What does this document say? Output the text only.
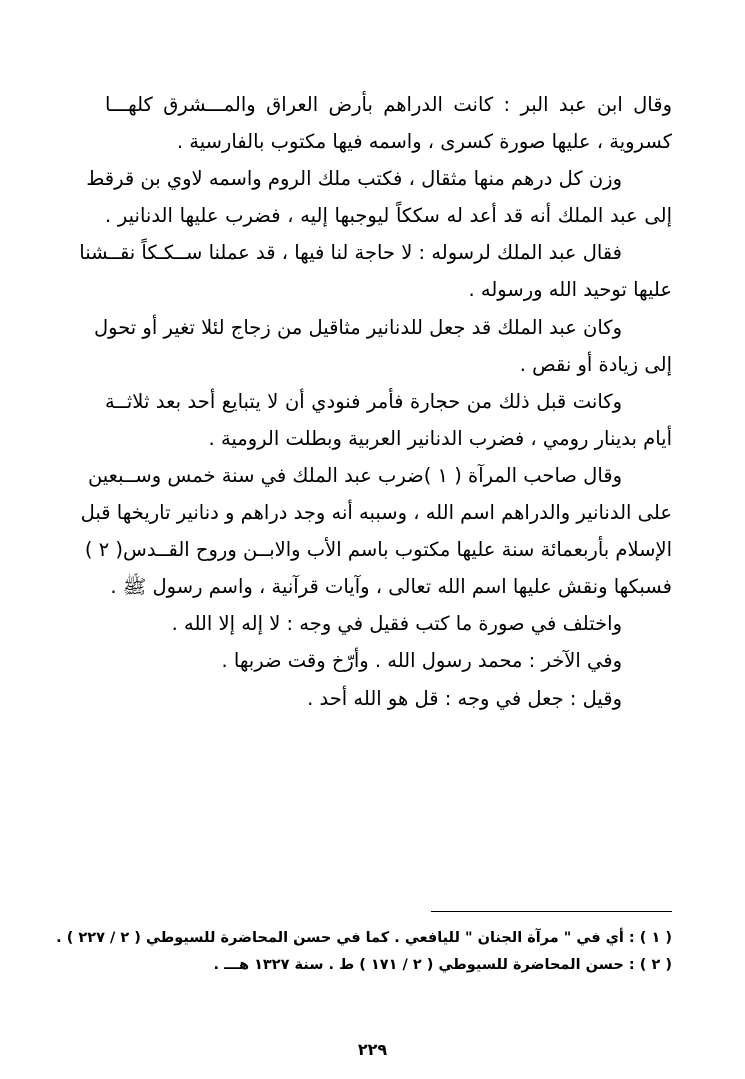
وقال ابن عبد البر : كانت الدراهم بأرض العراق والمـــشرق كلهـــا
كسروية ، عليها صورة كسرى ، واسمه فيها مكتوب بالفارسية .
وزن كل درهم منها مثقال ، فكتب ملك الروم واسمه لاوي بن قرقط
إلى عبد الملك أنه قد أعد له سككاً ليوجبها إليه ، فضرب عليها الدنانير .
فقال عبد الملك لرسوله : لا حاجة لنا فيها ، قد عملنا ســكـكاً نقــشنا
عليها توحيد الله ورسوله .
وكان عبد الملك قد جعل للدنانير مثاقيل من زجاج لئلا تغير أو تحول
إلى زيادة أو نقص .
وكانت قبل ذلك من حجارة فأمر فنودي أن لا يتبايع أحد بعد ثلاثــة
أيام بدينار رومي ، فضرب الدنانير العربية وبطلت الرومية .
وقال صاحب المرآة ( ١ )ضرب عبد الملك في سنة خمس وســبعين
على الدنانير والدراهم اسم الله ، وسببه أنه وجد دراهم و دنانير تاريخها قبل
الإسلام بأربعمائة سنة عليها مكتوب باسم الأب والابــن وروح القــدس( ٢ )
فسبكها ونقش عليها اسم الله تعالى ، وآيات قرآنية ، واسم رسول ﷺ .
واختلف في صورة ما كتب فقيل في وجه : لا إله إلا الله .
وفي الآخر : محمد رسول الله . وأرّخ وقت ضربها .
وقيل : جعل في وجه : قل هو الله أحد .
( ١ ) : أي في " مرآة الجنان " لليافعي . كما في حسن المحاضرة للسيوطي ( ٢ / ٢٢٧ ) .
( ٢ ) : حسن المحاضرة للسيوطي ( ٢ / ١٧١ ) ط . سنة ١٣٢٧ هـــ .
٢٢٩
